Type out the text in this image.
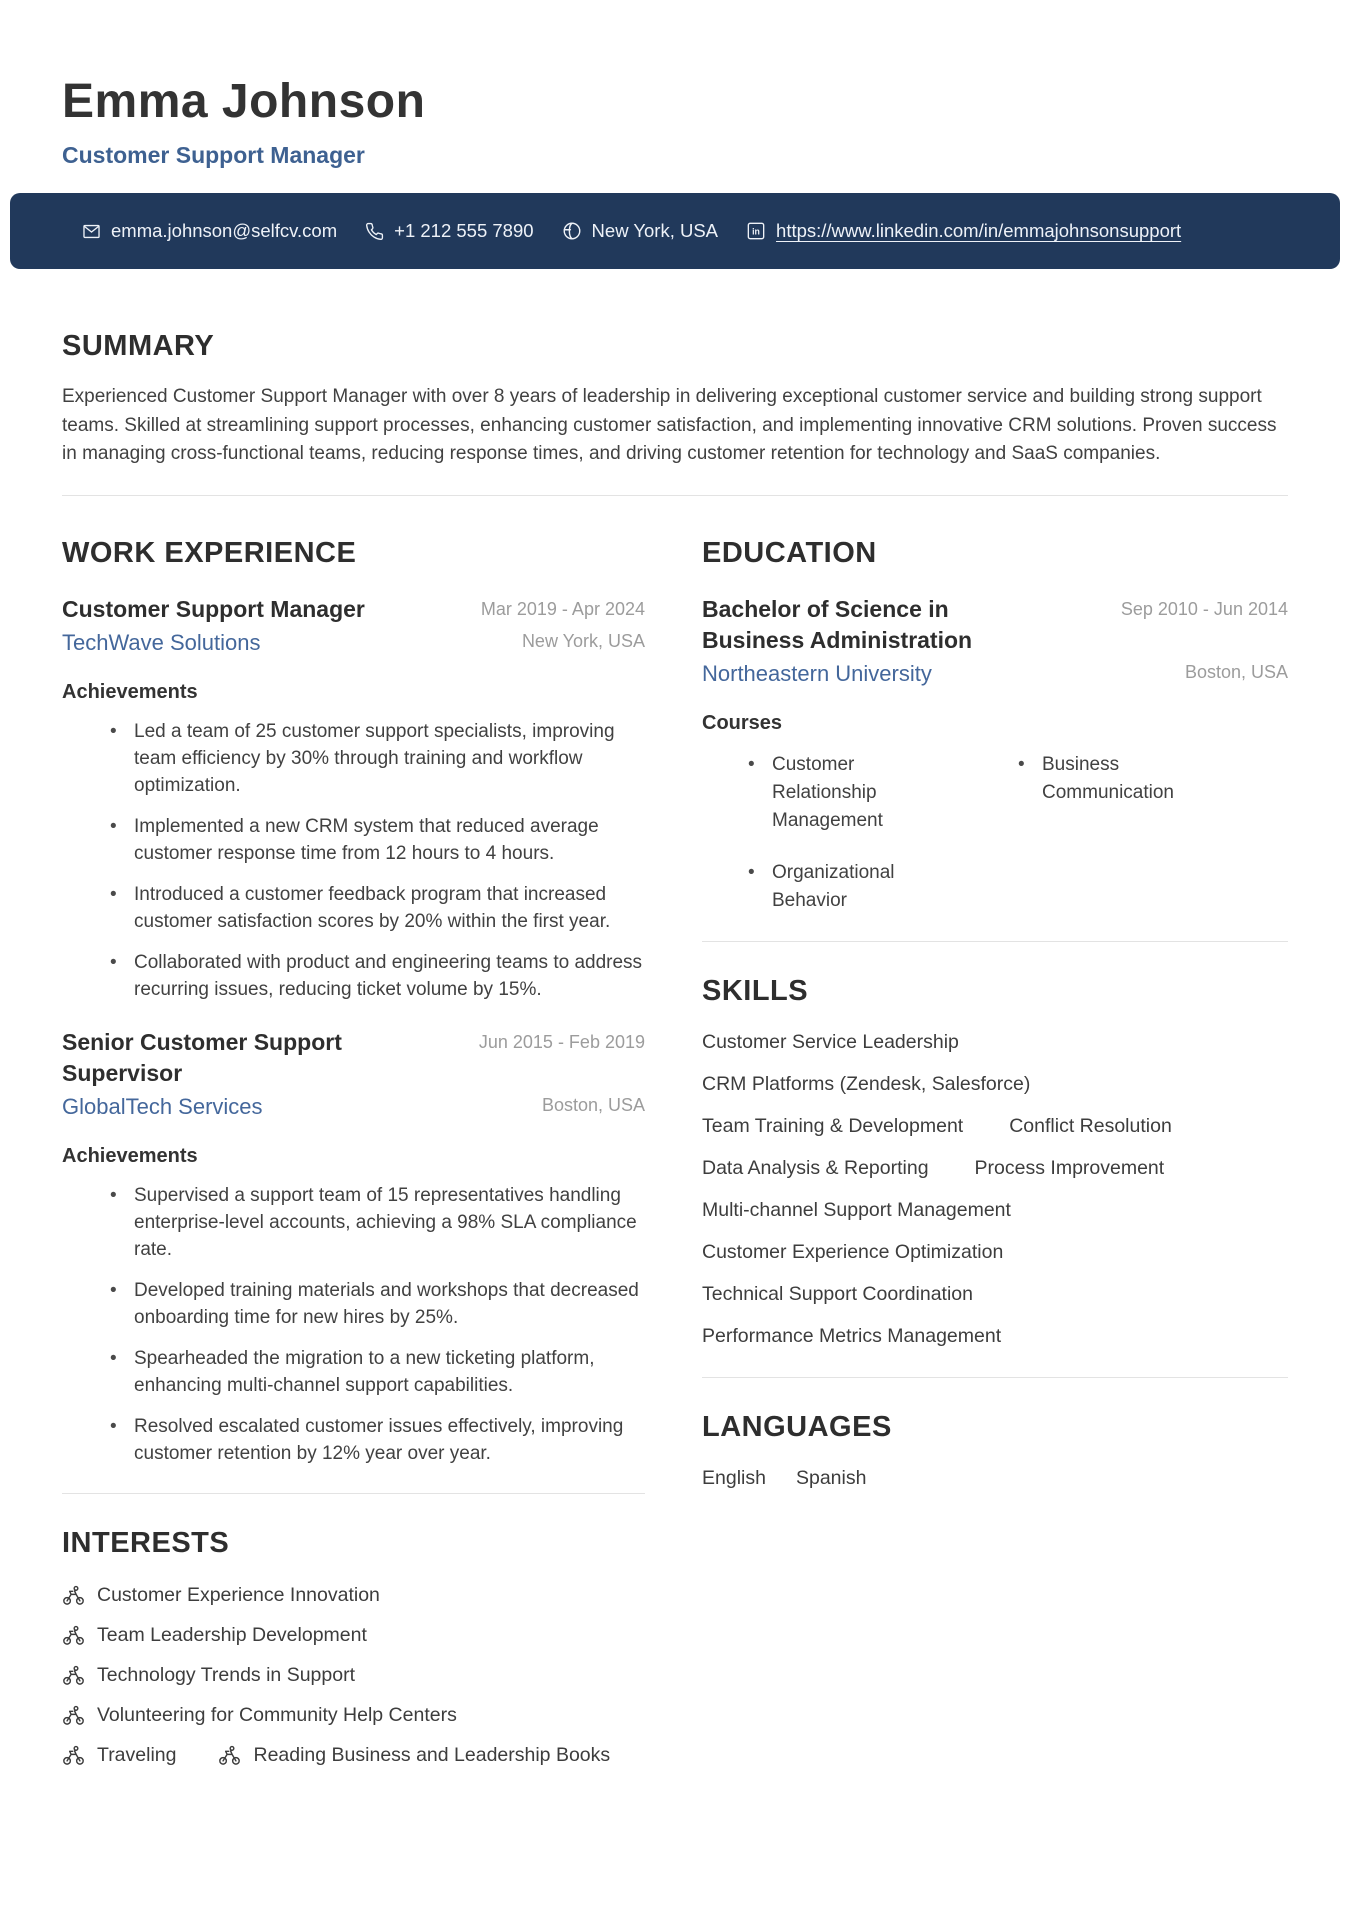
Emma Johnson
Customer Support Manager
emma.johnson@selfcv.com	+1 212 555 7890	New York, USA	in https://www.linkedin.com/in/emmajohnsonsupport
SUMMARY

Experienced Customer Support Manager with over 8 years of leadership in delivering exceptional customer service and building strong support teams. Skilled at streamlining support processes, enhancing customer satisfaction, and implementing innovative CRM solutions. Proven success in managing cross-functional teams, reducing response times, and driving customer retention for technology and SaaS companies.

WORK EXPERIENCE
Customer Support Manager	Mar 2019 - Apr 2024
TechWave Solutions	New York, USA
Achievements
• Led a team of 25 customer support specialists, improving team efficiency by 30% through training and workflow optimization.
• Implemented a new CRM system that reduced average customer response time from 12 hours to 4 hours.
• Introduced a customer feedback program that increased customer satisfaction scores by 20% within the first year.
• Collaborated with product and engineering teams to address recurring issues, reducing ticket volume by 15%.
Senior Customer Support Supervisor
Jun 2015 - Feb 2019
GlobalTech Services	Boston, USA
Achievements
• Supervised a support team of 15 representatives handling enterprise-level accounts, achieving a 98% SLA compliance rate.
• Developed training materials and workshops that decreased onboarding time for new hires by 25%.
• Spearheaded the migration to a new ticketing platform, enhancing multi-channel support capabilities.
• Resolved escalated customer issues effectively, improving customer retention by 12% year over year.
INTERESTS
Customer Experience Innovation
Team Leadership Development
Technology Trends in Support
Volunteering for Community Help Centers
Traveling	Reading Business and Leadership Books
EDUCATION
Bachelor of Science in Business Administration
Sep 2010 - Jun 2014
Northeastern University	Boston, USA
Courses
• Customer Relationship Management
• Business Communication
• Organizational Behavior
SKILLS
Customer Service Leadership
CRM Platforms (Zendesk, Salesforce)
Team Training & Development Conflict Resolution
Data Analysis & Reporting Process Improvement
Multi-channel Support Management
Customer Experience Optimization
Technical Support Coordination
Performance Metrics Management
LANGUAGES
English Spanish
